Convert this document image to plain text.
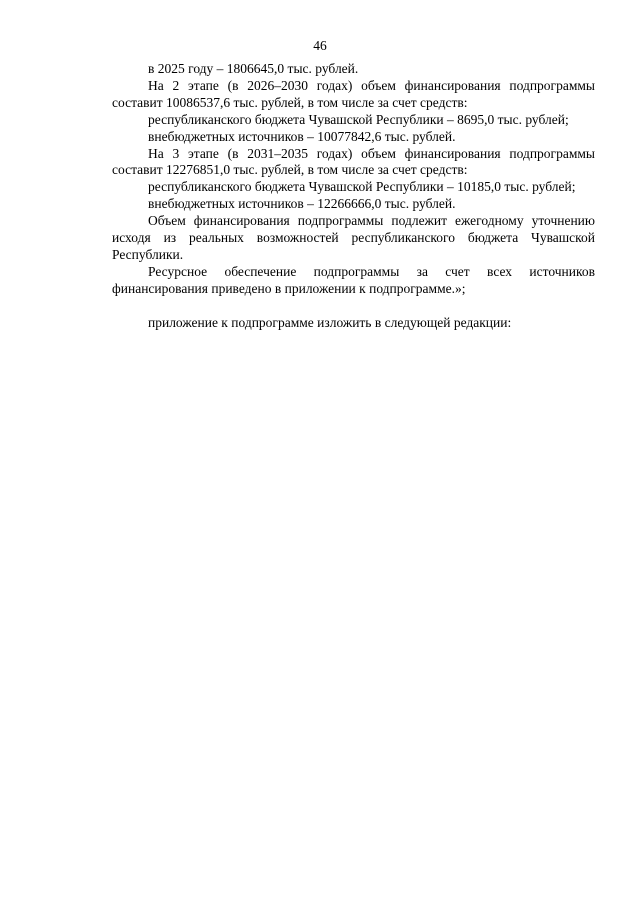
46

в 2025 году – 1806645,0 тыс. рублей.

На 2 этапе (в 2026–2030 годах) объем финансирования подпрограммы составит 10086537,6 тыс. рублей, в том числе за счет средств:

республиканского бюджета Чувашской Республики – 8695,0 тыс. рублей;

внебюджетных источников – 10077842,6 тыс. рублей.

На 3 этапе (в 2031–2035 годах) объем финансирования подпрограммы составит 12276851,0 тыс. рублей, в том числе за счет средств:

республиканского бюджета Чувашской Республики – 10185,0 тыс. рублей;

внебюджетных источников – 12266666,0 тыс. рублей.

Объем финансирования подпрограммы подлежит ежегодному уточнению исходя из реальных возможностей республиканского бюджета Чувашской Республики.

Ресурсное обеспечение подпрограммы за счет всех источников финансирования приведено в приложении к подпрограмме.»;

приложение к подпрограмме изложить в следующей редакции:
